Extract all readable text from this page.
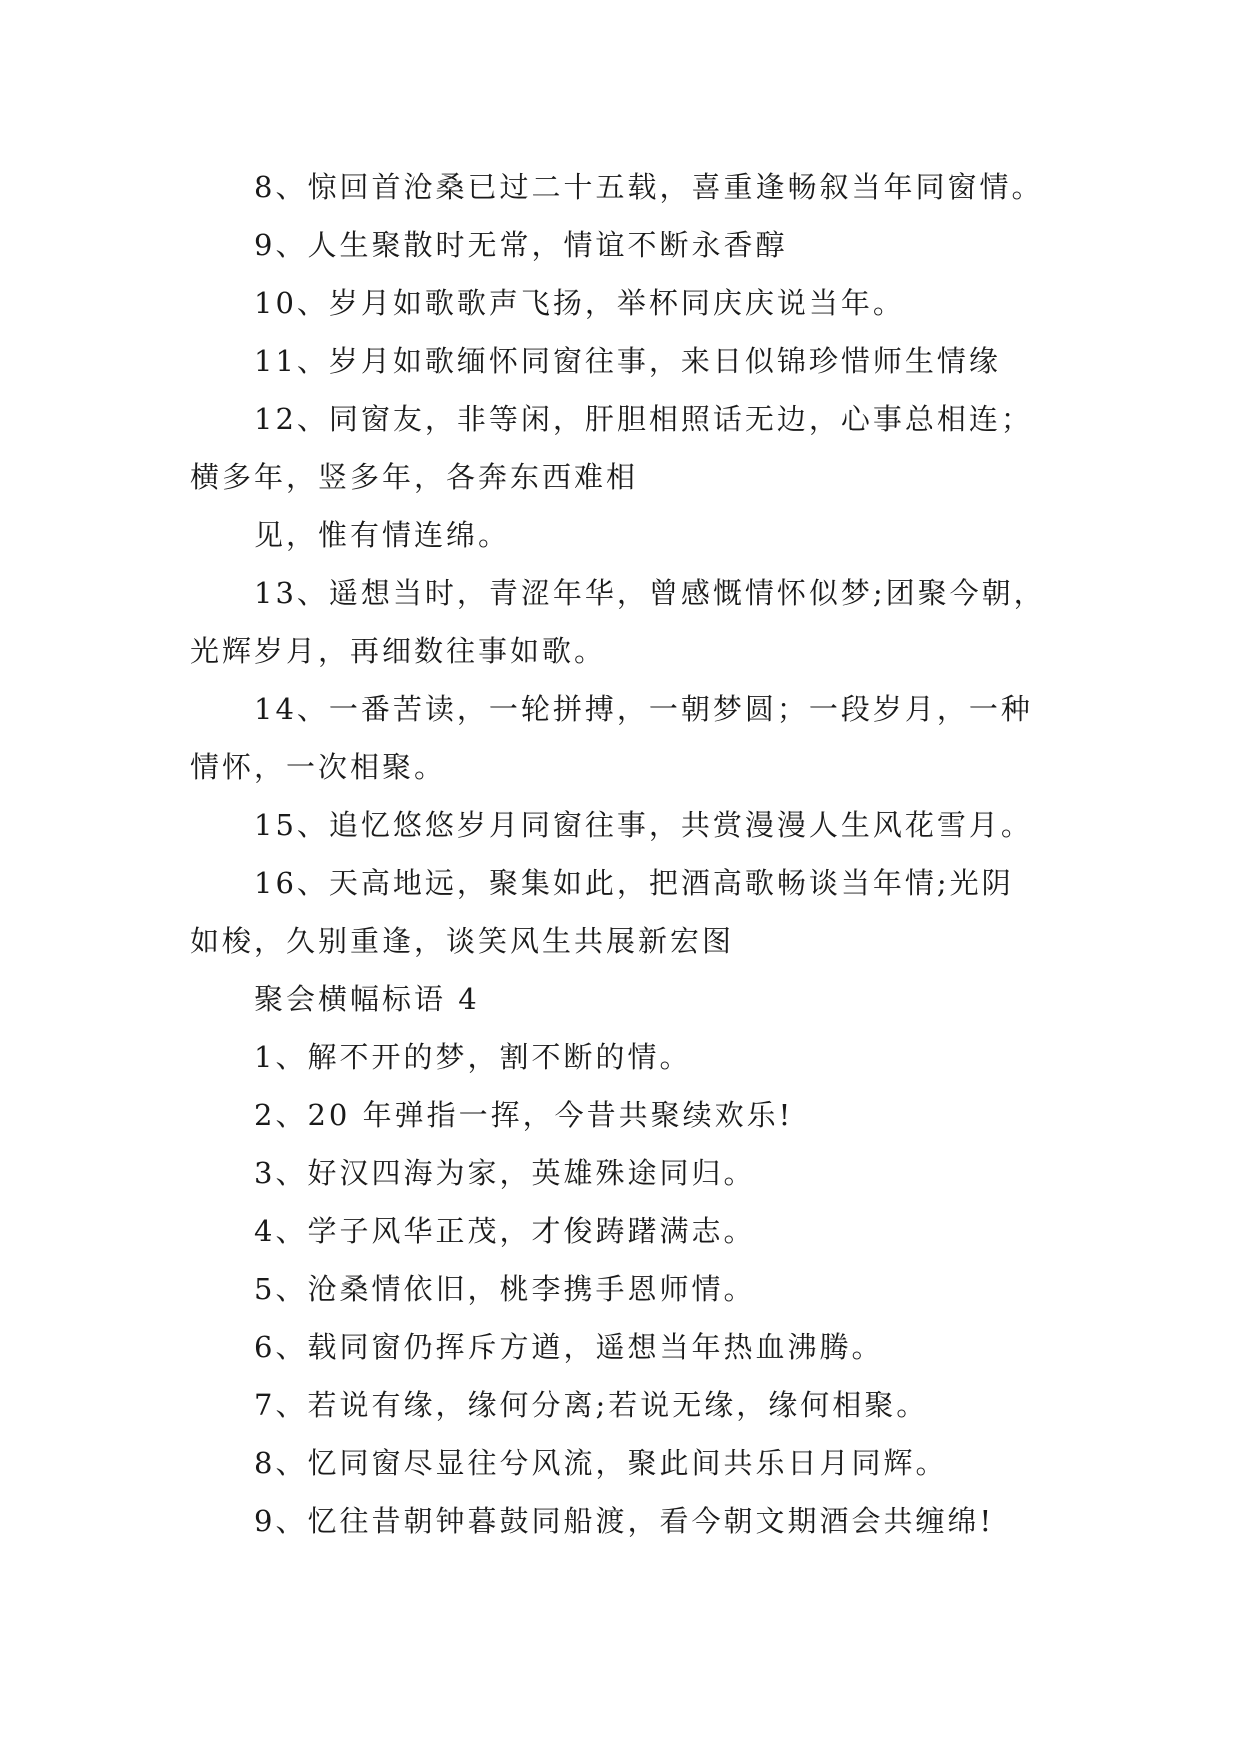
8、惊回首沧桑已过二十五载，喜重逢畅叙当年同窗情。
9、人生聚散时无常，情谊不断永香醇
10、岁月如歌歌声飞扬，举杯同庆庆说当年。
11、岁月如歌缅怀同窗往事，来日似锦珍惜师生情缘
12、同窗友，非等闲，肝胆相照话无边，心事总相连；
横多年，竖多年，各奔东西难相
见，惟有情连绵。
13、遥想当时，青涩年华，曾感慨情怀似梦;团聚今朝，
光辉岁月，再细数往事如歌。
14、一番苦读，一轮拼搏，一朝梦圆；一段岁月，一种
情怀，一次相聚。
15、追忆悠悠岁月同窗往事，共赏漫漫人生风花雪月。
16、天高地远，聚集如此，把酒高歌畅谈当年情;光阴
如梭，久别重逢，谈笑风生共展新宏图
聚会横幅标语 4
1、解不开的梦，割不断的情。
2、20 年弹指一挥，今昔共聚续欢乐!
3、好汉四海为家，英雄殊途同归。
4、学子风华正茂，才俊踌躇满志。
5、沧桑情依旧，桃李携手恩师情。
6、载同窗仍挥斥方遒，遥想当年热血沸腾。
7、若说有缘，缘何分离;若说无缘，缘何相聚。
8、忆同窗尽显往兮风流，聚此间共乐日月同辉。
9、忆往昔朝钟暮鼓同船渡，看今朝文期酒会共缠绵!
